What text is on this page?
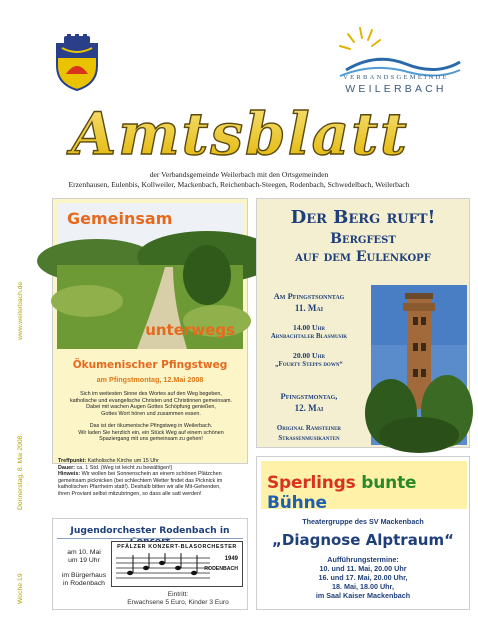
VERBANDSGEMEINDE
WEILERBACH
Amtsblatt
der Verbandsgemeinde Weilerbach mit den Ortsgemeinden
Erzenhausen, Eulenbis, Kollweiler, Mackenbach, Reichenbach-Steegen, Rodenbach, Schwedelbach, Weilerbach
www.weilerbach.de
Donnerstag, 8. Mai 2008
Woche 19
Gemeinsam
unterwegs
Ökumenischer Pfingstweg
am Pfingstmontag, 12.Mai 2008
Sich im weitesten Sinne des Wortes auf den Weg begeben,
katholische und evangelische Christen und Christinnen gemeinsam.
Dabei mit wachen Augen Gottes Schöpfung genießen,
Gottes Wort hören und zusammen essen.
Das ist der ökumenische Pfingstweg in Weilerbach.
Wir laden Sie herzlich ein, ein Stück Weg auf einem schönen
Spaziergang mit uns gemeinsam zu gehen!
Treffpunkt: Katholische Kirche um 15 Uhr
Dauer: ca. 1 Std. (Weg ist leicht zu bewältigen!)
Hinweis: Wir wollen bei Sonnenschein an einem schönen Plätzchen
gemeinsam picknicken (bei schlechtem Wetter findet das Picknick im
katholischen Pfarrheim statt!). Deshalb bitten wir alle Mit-Gehenden,
ihren Proviant selbst mitzubringen, so dass alle satt werden!
Jugendorchester Rodenbach in
am 10. Mai
um 19 Uhr
im Bürgerhaus
in Rodenbach
PFÄLZER KONZERT-BLASORCHESTER
1949
RODENBACH
Eintritt:
Erwachsene 5 Euro, Kinder 3 Euro
Der Berg ruft!
Bergfest
auf dem Eulenkopf
Am Pfingstsonntag
11. Mai
14.00 Uhr
Arnbachtaler Blasmusik
20.00 Uhr
„Fourty Stepps down“
Pfingstmontag,
12. Mai
Original Ramsteiner
Straßenmusikanten
Sperlings bunte Bühne
Theatergruppe des SV Mackenbach
„Diagnose Alptraum“
Aufführungstermine:
10. und 11. Mai, 20.00 Uhr
16. und 17. Mai, 20.00 Uhr,
18. Mai, 18.00 Uhr,
im Saal Kaiser Mackenbach
